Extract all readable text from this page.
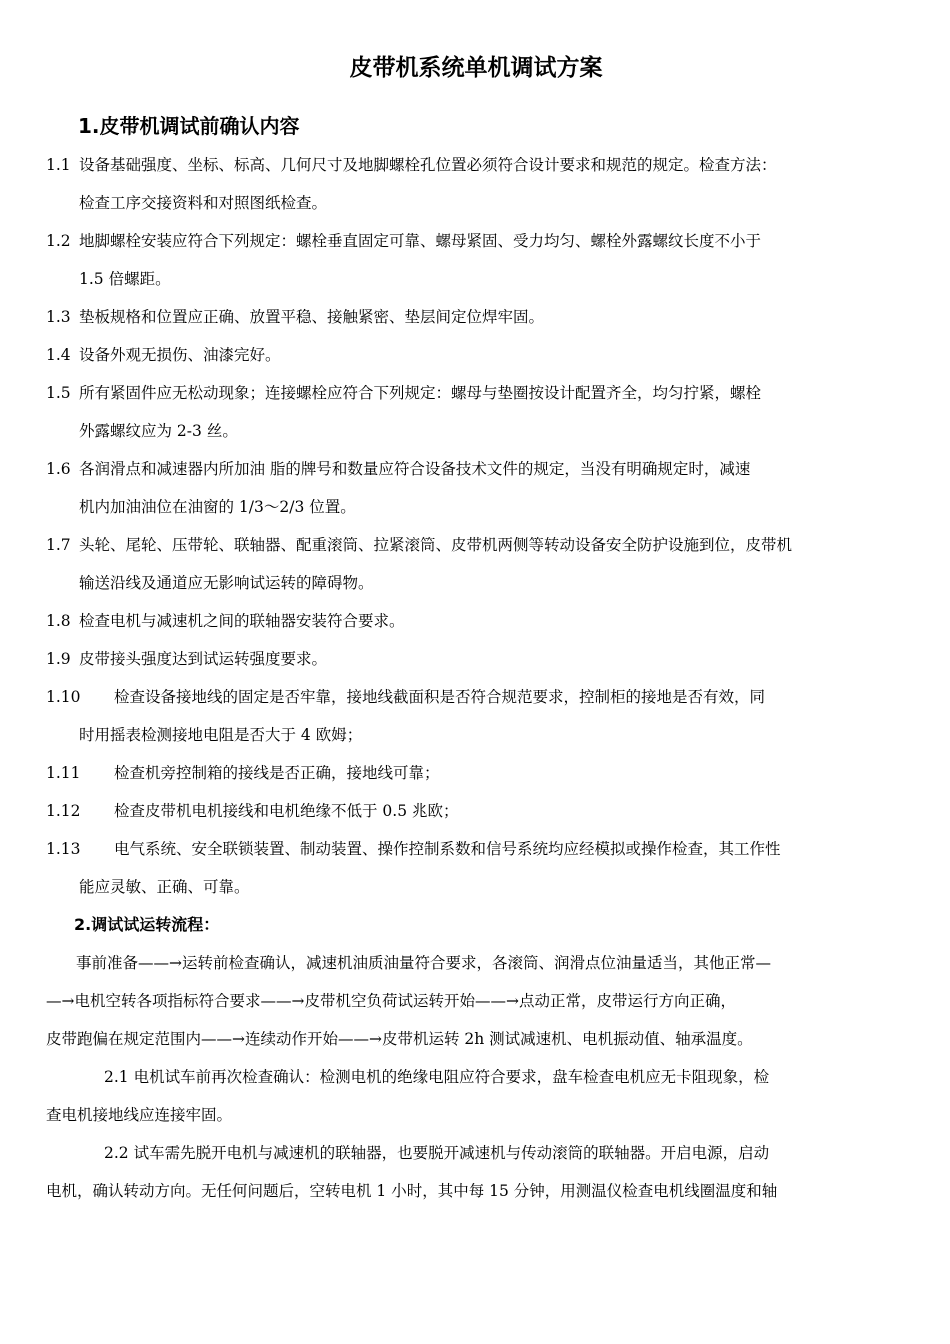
皮带机系统单机调试方案
1.皮带机调试前确认内容
1.1 设备基础强度、坐标、标高、几何尺寸及地脚螺栓孔位置必须符合设计要求和规范的规定。检查方法：
检查工序交接资料和对照图纸检查。
1.2 地脚螺栓安装应符合下列规定：螺栓垂直固定可靠、螺母紧固、受力均匀、螺栓外露螺纹长度不小于
1.5 倍螺距。
1.3 垫板规格和位置应正确、放置平稳、接触紧密、垫层间定位焊牢固。
1.4 设备外观无损伤、油漆完好。
1.5 所有紧固件应无松动现象；连接螺栓应符合下列规定：螺母与垫圈按设计配置齐全，均匀拧紧，螺栓
外露螺纹应为 2-3 丝。
1.6 各润滑点和减速器内所加油 脂的牌号和数量应符合设备技术文件的规定，当没有明确规定时，减速
机内加油油位在油窗的 1/3～2/3 位置。
1.7 头轮、尾轮、压带轮、联轴器、配重滚筒、拉紧滚筒、皮带机两侧等转动设备安全防护设施到位，皮带机
输送沿线及通道应无影响试运转的障碍物。
1.8 检查电机与减速机之间的联轴器安装符合要求。
1.9 皮带接头强度达到试运转强度要求。
1.10	检查设备接地线的固定是否牢靠，接地线截面积是否符合规范要求，控制柜的接地是否有效，同
时用摇表检测接地电阻是否大于 4 欧姆；
1.11	检查机旁控制箱的接线是否正确，接地线可靠；
1.12	检查皮带机电机接线和电机绝缘不低于 0.5 兆欧；
1.13	电气系统、安全联锁装置、制动装置、操作控制系数和信号系统均应经模拟或操作检查，其工作性
能应灵敏、正确、可靠。
2.调试试运转流程：

事前准备——→运转前检查确认，减速机油质油量符合要求，各滚筒、润滑点位油量适当，其他正常—

—→电机空转各项指标符合要求——→皮带机空负荷试运转开始——→点动正常，皮带运行方向正确，

皮带跑偏在规定范围内——→连续动作开始——→皮带机运转 2h 测试减速机、电机振动值、轴承温度。

2.1 电机试车前再次检查确认：检测电机的绝缘电阻应符合要求，盘车检查电机应无卡阻现象，检

查电机接地线应连接牢固。

2.2 试车需先脱开电机与减速机的联轴器，也要脱开减速机与传动滚筒的联轴器。开启电源，启动

电机，确认转动方向。无任何问题后，空转电机 1 小时，其中每 15 分钟，用测温仪检查电机线圈温度和轴
